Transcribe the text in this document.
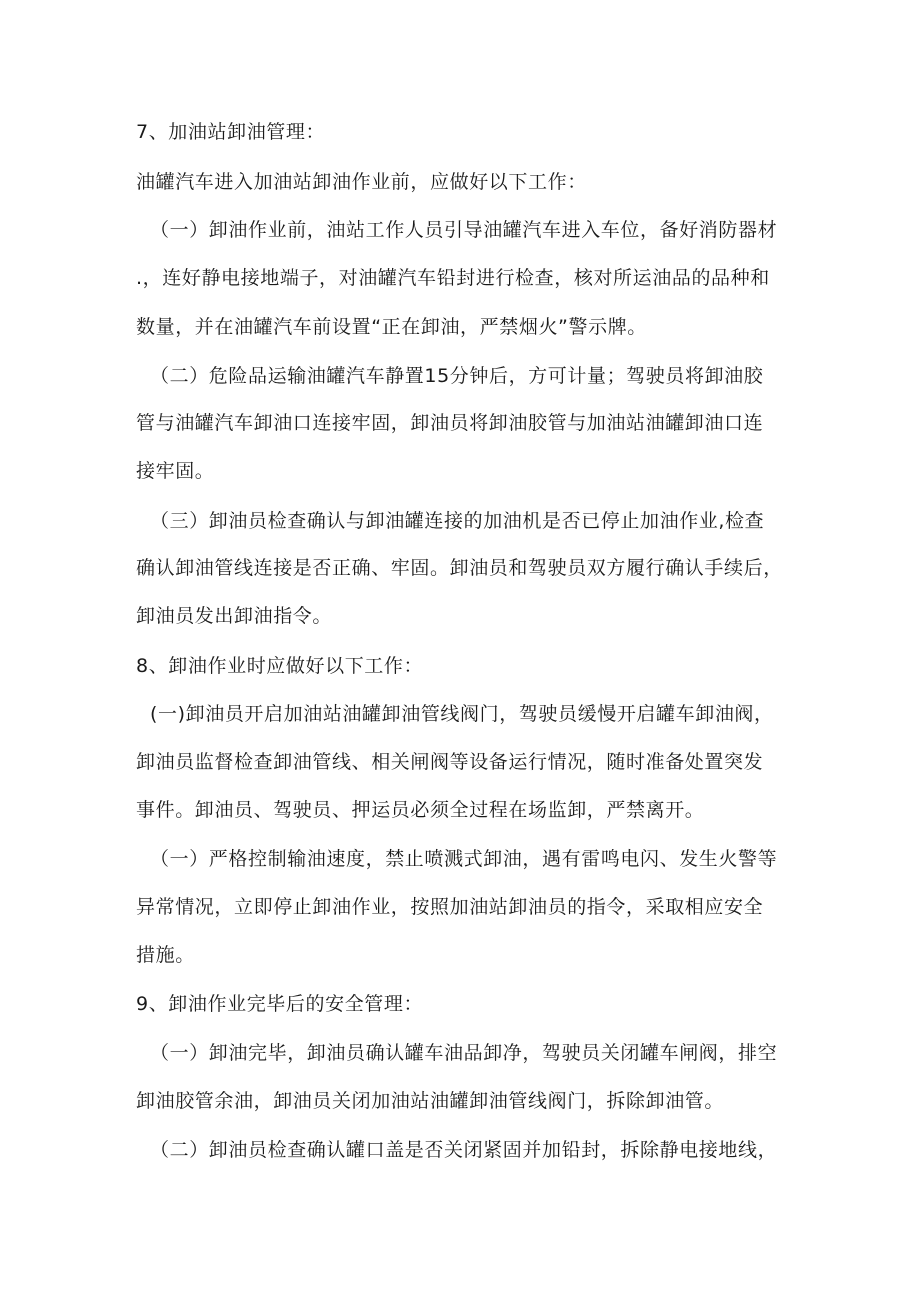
7、加油站卸油管理：
油罐汽车进入加油站卸油作业前，应做好以下工作：
（一）卸油作业前，油站工作人员引导油罐汽车进入车位，备好消防器材
.，连好静电接地端子，对油罐汽车铅封进行检查，核对所运油品的品种和
数量，并在油罐汽车前设置“正在卸油，严禁烟火”警示牌。
（二）危险品运输油罐汽车静置15分钟后，方可计量；驾驶员将卸油胶
管与油罐汽车卸油口连接牢固，卸油员将卸油胶管与加油站油罐卸油口连
接牢固。
（三）卸油员检查确认与卸油罐连接的加油机是否已停止加油作业,检查
确认卸油管线连接是否正确、牢固。卸油员和驾驶员双方履行确认手续后，
卸油员发出卸油指令。
8、卸油作业时应做好以下工作：
(一)卸油员开启加油站油罐卸油管线阀门，驾驶员缓慢开启罐车卸油阀，
卸油员监督检查卸油管线、相关闸阀等设备运行情况，随时准备处置突发
事件。卸油员、驾驶员、押运员必须全过程在场监卸，严禁离开。
（一）严格控制输油速度，禁止喷溅式卸油，遇有雷鸣电闪、发生火警等
异常情况，立即停止卸油作业，按照加油站卸油员的指令，采取相应安全
措施。
9、卸油作业完毕后的安全管理：
（一）卸油完毕，卸油员确认罐车油品卸净，驾驶员关闭罐车闸阀，排空
卸油胶管余油，卸油员关闭加油站油罐卸油管线阀门，拆除卸油管。
（二）卸油员检查确认罐口盖是否关闭紧固并加铅封，拆除静电接地线，
